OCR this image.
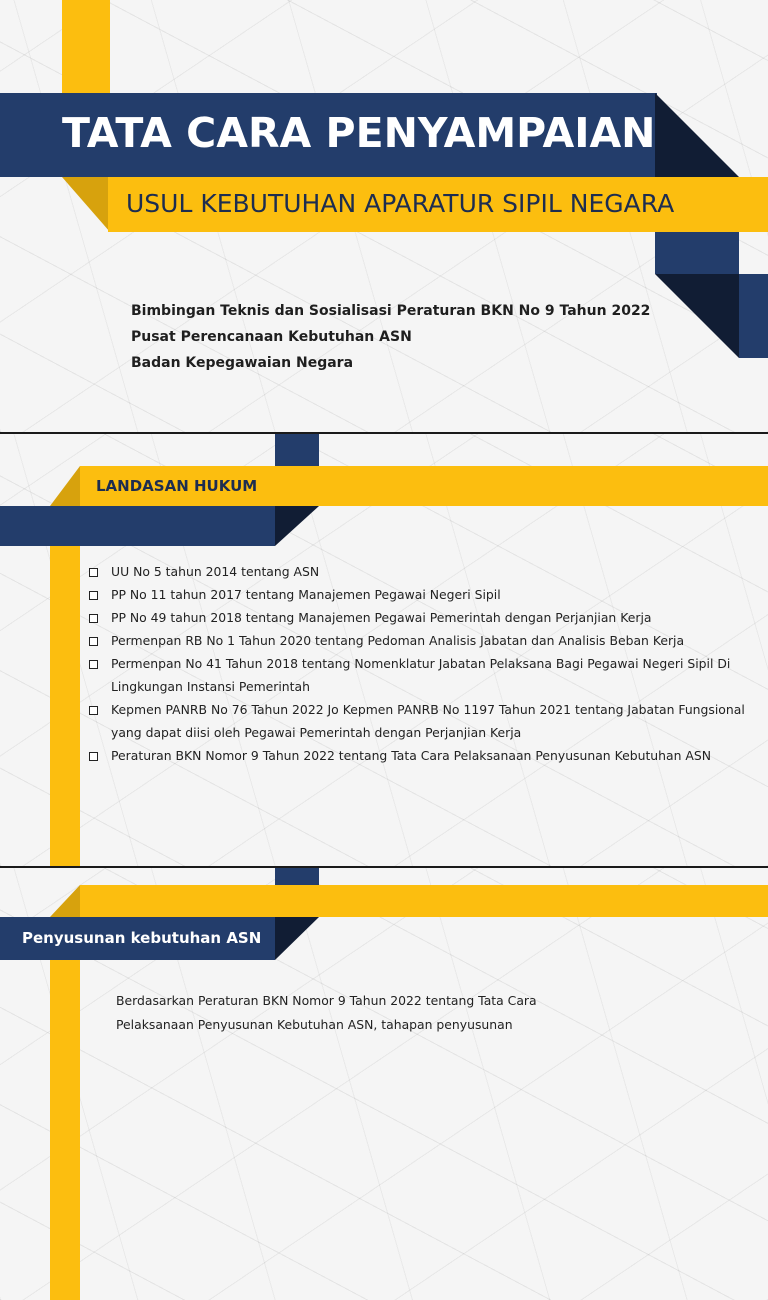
TATA CARA PENYAMPAIAN
USUL KEBUTUHAN APARATUR SIPIL NEGARA
Bimbingan Teknis dan Sosialisasi Peraturan BKN No 9 Tahun 2022
Pusat Perencanaan Kebutuhan ASN
Badan Kepegawaian Negara
LANDASAN HUKUM
UU No 5 tahun 2014 tentang ASN
PP No 11 tahun 2017 tentang Manajemen Pegawai Negeri Sipil
PP No 49 tahun 2018 tentang Manajemen Pegawai Pemerintah dengan Perjanjian Kerja
Permenpan RB No 1 Tahun 2020 tentang Pedoman Analisis Jabatan dan Analisis Beban Kerja
Permenpan No 41 Tahun 2018 tentang Nomenklatur Jabatan Pelaksana Bagi Pegawai Negeri Sipil Di Lingkungan Instansi Pemerintah
Kepmen PANRB No 76 Tahun 2022 Jo Kepmen PANRB No 1197 Tahun 2021 tentang Jabatan Fungsional yang dapat diisi oleh Pegawai Pemerintah dengan Perjanjian Kerja
Peraturan BKN Nomor 9 Tahun 2022 tentang Tata Cara Pelaksanaan Penyusunan Kebutuhan ASN
Penyusunan kebutuhan ASN
Berdasarkan Peraturan BKN Nomor 9 Tahun 2022 tentang Tata Cara Pelaksanaan Penyusunan Kebutuhan ASN, tahapan penyusunan
